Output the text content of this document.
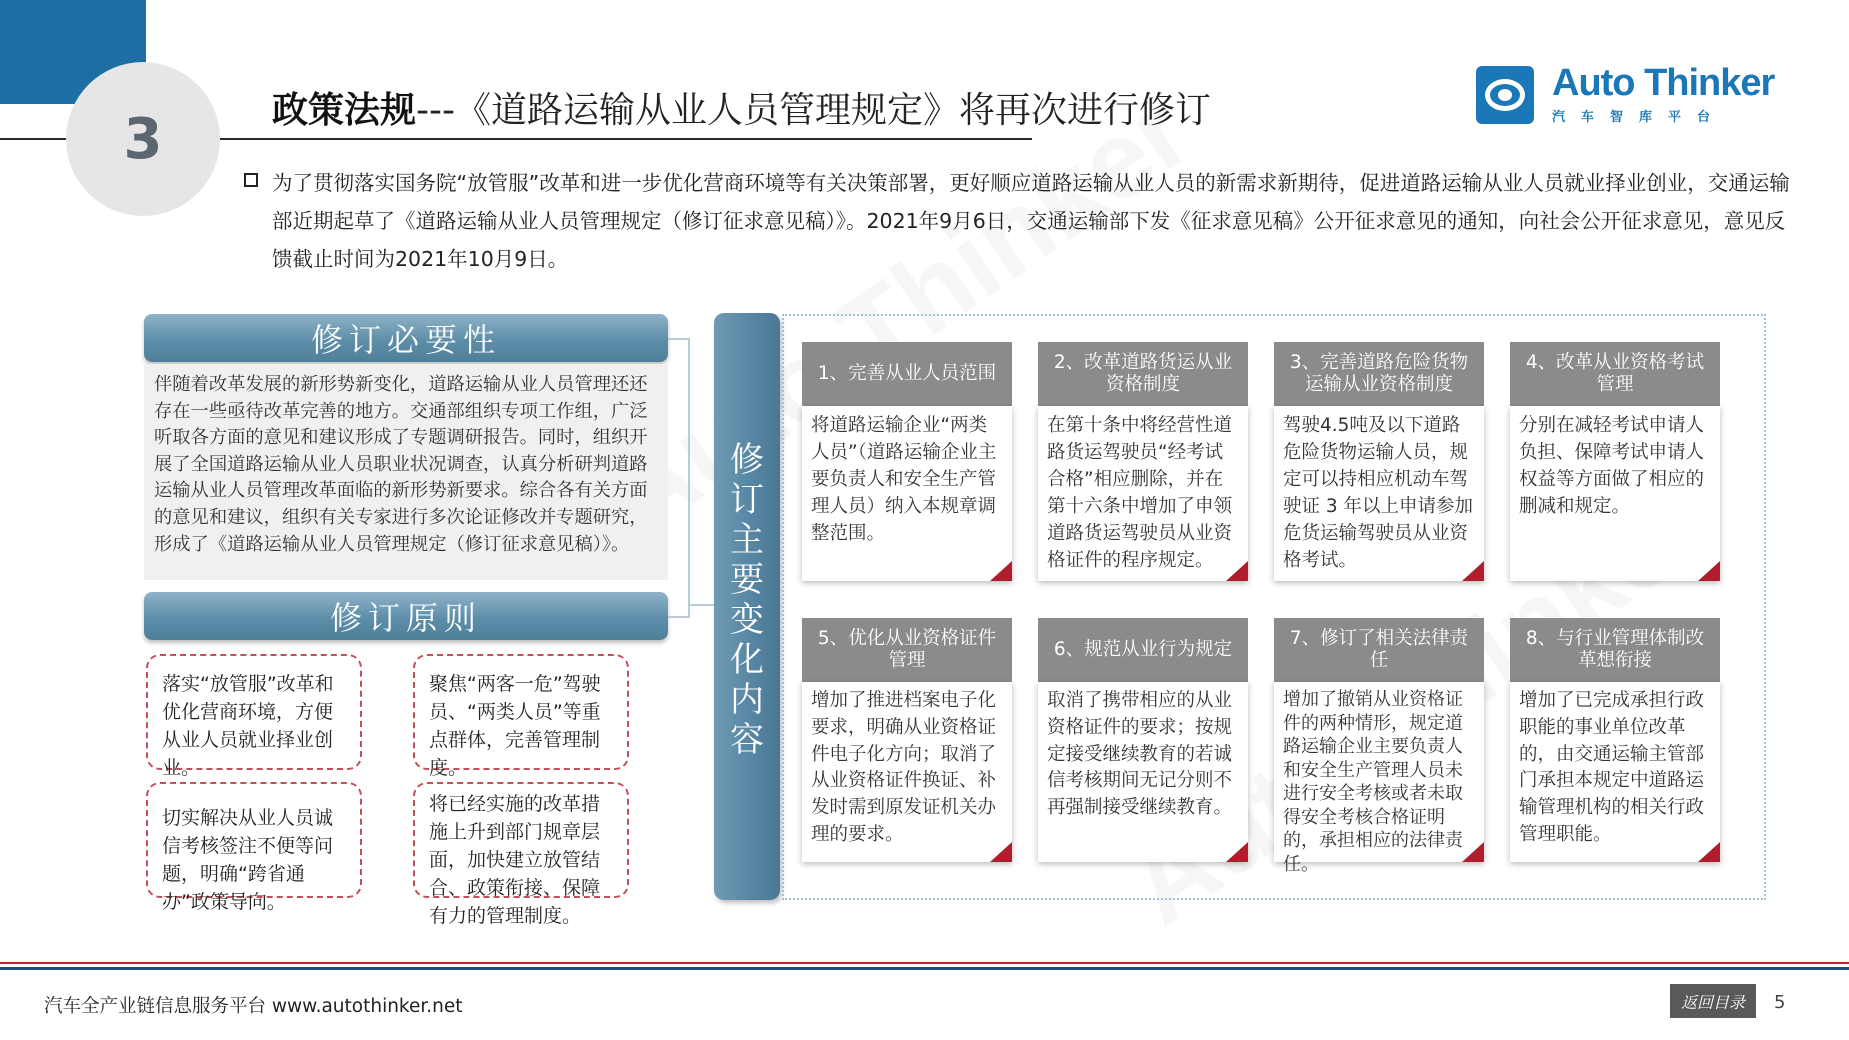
3	政策法规---《道路运输从业人员管理规定》将再次进行修订
Auto Thinker
汽车智库平台
为了贯彻落实国务院“放管服”改革和进一步优化营商环境等有关决策部署，更好顺应道路运输从业人员的新需求新期待，促进道路运输从业人员就业择业创业，交通运输部近期起草了《道路运输从业人员管理规定（修订征求意见稿）》。2021年9月6日，交通运输部下发《征求意见稿》公开征求意见的通知，向社会公开征求意见，意见反馈截止时间为2021年10月9日。
修订必要性
伴随着改革发展的新形势新变化，道路运输从业人员管理还还存在一些亟待改革完善的地方。交通部组织专项工作组，广泛听取各方面的意见和建议形成了专题调研报告。同时，组织开展了全国道路运输从业人员职业状况调查，认真分析研判道路运输从业人员管理改革面临的新形势新要求。综合各有关方面的意见和建议，组织有关专家进行多次论证修改并专题研究，形成了《道路运输从业人员管理规定（修订征求意见稿）》。
修订原则
落实“放管服”改革和优化营商环境，方便从业人员就业择业创业。
聚焦“两客一危”驾驶员、“两类人员”等重点群体，完善管理制度。
切实解决从业人员诚信考核签注不便等问题，明确“跨省通办”政策导向。
将已经实施的改革措施上升到部门规章层面，加快建立放管结合、政策衔接、保障有力的管理制度。
修订主要变化内容
1、完善从业人员范围
将道路运输企业“两类人员”（道路运输企业主要负责人和安全生产管理人员）纳入本规章调整范围。
2、改革道路货运从业资格制度
在第十条中将经营性道路货运驾驶员“经考试合格”相应删除，并在第十六条中增加了申领道路货运驾驶员从业资格证件的程序规定。
3、完善道路危险货物运输从业资格制度
驾驶4.5吨及以下道路危险货物运输人员，规定可以持相应机动车驾驶证 3 年以上申请参加危货运输驾驶员从业资格考试。
4、改革从业资格考试管理
分别在减轻考试申请人负担、保障考试申请人权益等方面做了相应的删减和规定。
5、优化从业资格证件管理
增加了推进档案电子化要求，明确从业资格证件电子化方向；取消了从业资格证件换证、补发时需到原发证机关办理的要求。
6、规范从业行为规定
取消了携带相应的从业资格证件的要求；按规定接受继续教育的若诚信考核期间无记分则不再强制接受继续教育。
7、修订了相关法律责任
增加了撤销从业资格证件的两种情形，规定道路运输企业主要负责人和安全生产管理人员未进行安全考核或者未取得安全考核合格证明的，承担相应的法律责任。
8、与行业管理体制改革想衔接
增加了已完成承担行政职能的事业单位改革的，由交通运输主管部门承担本规定中道路运输管理机构的相关行政管理职能。
汽车全产业链信息服务平台 www.autothinker.net	返回目录	5
